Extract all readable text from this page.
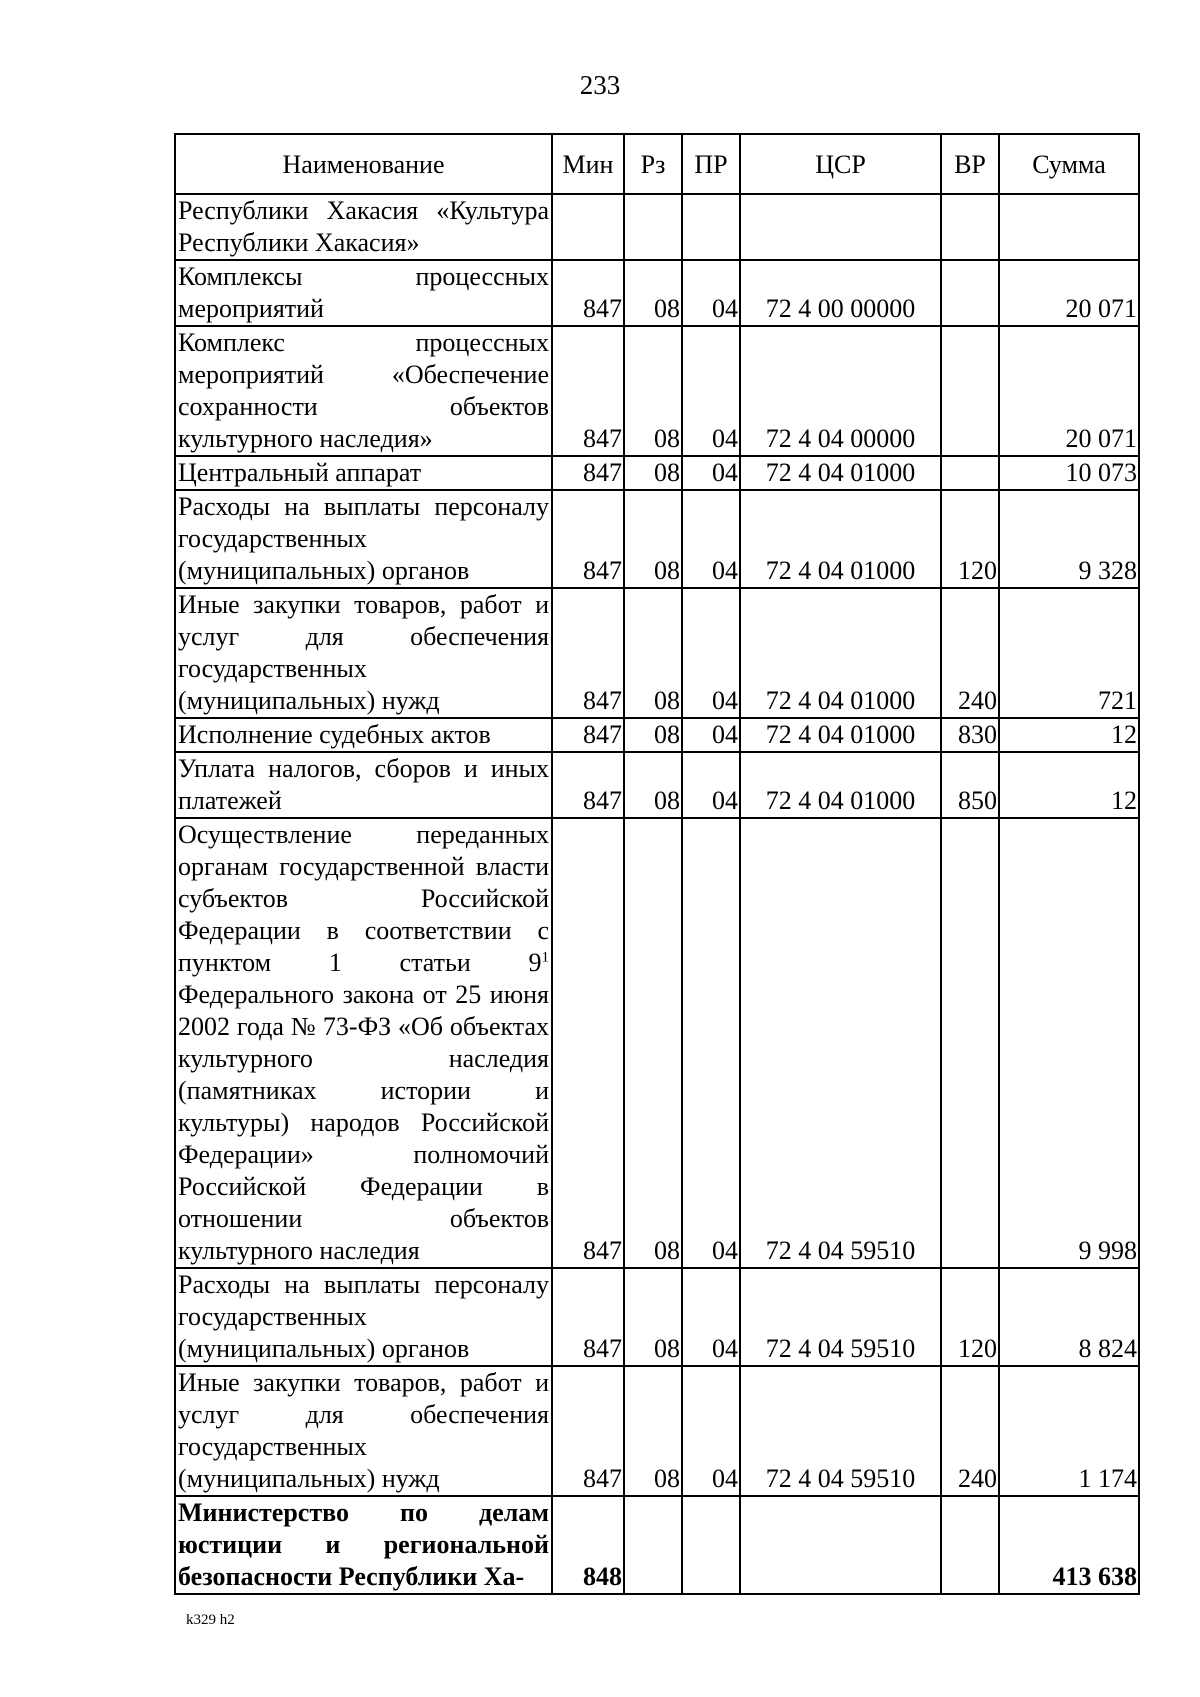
233
Наименование	Мин	Рз	ПР	ЦСР	ВР	Сумма
Республики Хакасия «Культура Республики Хакасия»						
Комплексы процессных мероприятий	847	08	04	72 4 00 00000		20 071
Комплекс процессных мероприятий «Обеспечение сохранности объектов культурного наследия»	847	08	04	72 4 04 00000		20 071
Центральный аппарат	847	08	04	72 4 04 01000		10 073
Расходы на выплаты персоналу государственных (муниципальных) органов	847	08	04	72 4 04 01000	120	9 328
Иные закупки товаров, работ и услуг для обеспечения государственных (муниципальных) нужд	847	08	04	72 4 04 01000	240	721
Исполнение судебных актов	847	08	04	72 4 04 01000	830	12
Уплата налогов, сборов и иных платежей	847	08	04	72 4 04 01000	850	12
Осуществление переданных органам государственной власти субъектов Российской Федерации в соответствии с пунктом 1 статьи $9^1$ Федерального закона от 25 июня 2002 года № 73-ФЗ «Об объектах культурного наследия (памятниках истории и культуры) народов Российской Федерации» полномочий Российской Федерации в отношении объектов культурного наследия	847	08	04	72 4 04 59510		9 998
Расходы на выплаты персоналу государственных (муниципальных) органов	847	08	04	72 4 04 59510	120	8 824
Иные закупки товаров, работ и услуг для обеспечения государственных (муниципальных) нужд	847	08	04	72 4 04 59510	240	1 174
Министерство по делам юстиции и региональной безопасности Республики Ха-	848					413 638
k329 h2
